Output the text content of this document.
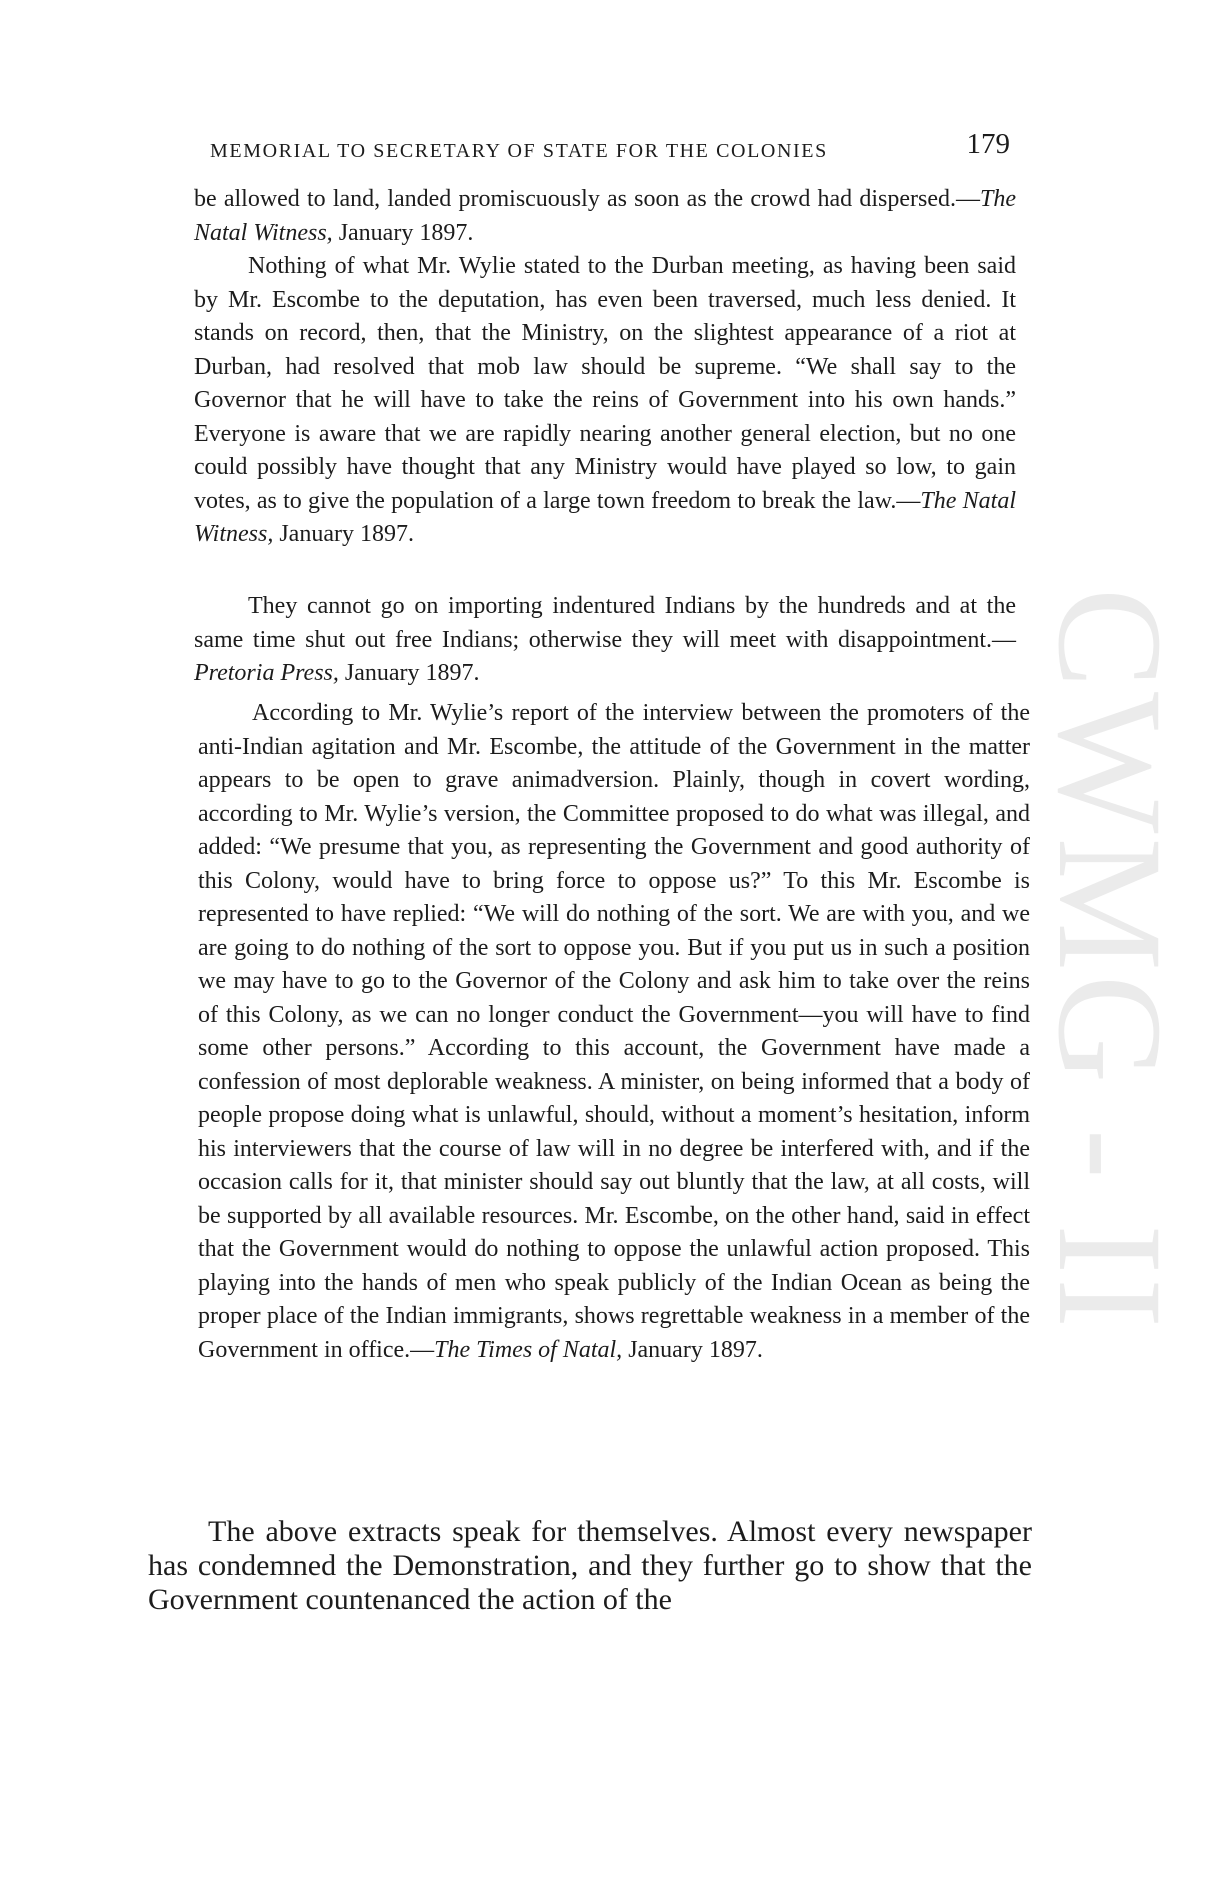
CWMG - II
MEMORIAL TO SECRETARY OF STATE FOR THE COLONIES	179

be allowed to land, landed promiscuously as soon as the crowd had dispersed.—The Natal Witness, January 1897.

Nothing of what Mr. Wylie stated to the Durban meeting, as having been said by Mr. Escombe to the deputation, has even been traversed, much less denied. It stands on record, then, that the Ministry, on the slightest appearance of a riot at Durban, had resolved that mob law should be supreme. “We shall say to the Governor that he will have to take the reins of Government into his own hands.” Everyone is aware that we are rapidly nearing another general election, but no one could possibly have thought that any Ministry would have played so low, to gain votes, as to give the population of a large town freedom to break the law.—The Natal Witness, January 1897.

They cannot go on importing indentured Indians by the hundreds and at the same time shut out free Indians; otherwise they will meet with disappointment.—Pretoria Press, January 1897.

According to Mr. Wylie’s report of the interview between the promoters of the anti-Indian agitation and Mr. Escombe, the attitude of the Government in the matter appears to be open to grave animadversion. Plainly, though in covert wording, according to Mr. Wylie’s version, the Committee proposed to do what was illegal, and added: “We presume that you, as representing the Government and good authority of this Colony, would have to bring force to oppose us?” To this Mr. Escombe is represented to have replied: “We will do nothing of the sort. We are with you, and we are going to do nothing of the sort to oppose you. But if you put us in such a position we may have to go to the Governor of the Colony and ask him to take over the reins of this Colony, as we can no longer conduct the Government—you will have to find some other persons.” According to this account, the Government have made a confession of most deplorable weakness. A minister, on being informed that a body of people propose doing what is unlawful, should, without a moment’s hesitation, inform his interviewers that the course of law will in no degree be interfered with, and if the occasion calls for it, that minister should say out bluntly that the law, at all costs, will be supported by all available resources. Mr. Escombe, on the other hand, said in effect that the Government would do nothing to oppose the unlawful action proposed. This playing into the hands of men who speak publicly of the Indian Ocean as being the proper place of the Indian immigrants, shows regrettable weakness in a member of the Government in office.—The Times of Natal, January 1897.

The above extracts speak for themselves. Almost every newspaper has condemned the Demonstration, and they further go to show that the Government countenanced the action of the
